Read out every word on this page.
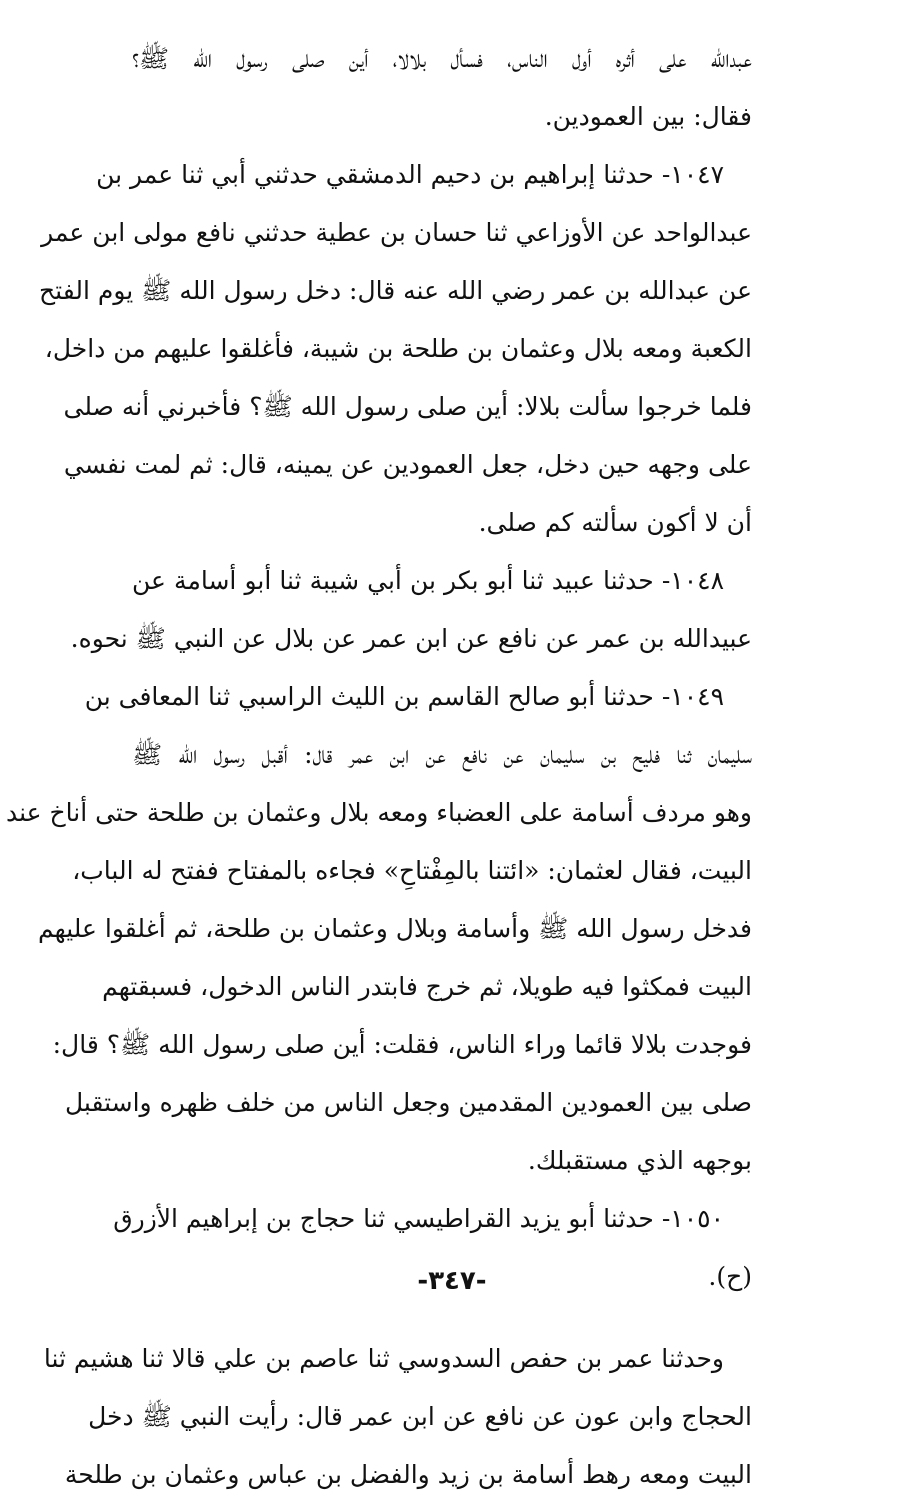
عبدالله على أثره أول الناس، فسأل بلالا، أين صلى رسول الله ﷺ؟
فقال: بين العمودين.
١٠٤٧- حدثنا إبراهيم بن دحيم الدمشقي حدثني أبي ثنا عمر بن
عبدالواحد عن الأوزاعي ثنا حسان بن عطية حدثني نافع مولى ابن عمر
عن عبدالله بن عمر رضي الله عنه قال: دخل رسول الله ﷺ يوم الفتح
الكعبة ومعه بلال وعثمان بن طلحة بن شيبة، فأغلقوا عليهم من داخل،
فلما خرجوا سألت بلالا: أين صلى رسول الله ﷺ؟ فأخبرني أنه صلى
على وجهه حين دخل، جعل العمودين عن يمينه، قال: ثم لمت نفسي
أن لا أكون سألته كم صلى.
١٠٤٨- حدثنا عبيد ثنا أبو بكر بن أبي شيبة ثنا أبو أسامة عن
عبيدالله بن عمر عن نافع عن ابن عمر عن بلال عن النبي ﷺ نحوه.
١٠٤٩- حدثنا أبو صالح القاسم بن الليث الراسبي ثنا المعافى بن
سليمان ثنا فليح بن سليمان عن نافع عن ابن عمر قال: أقبل رسول الله ﷺ
وهو مردف أسامة على العضباء ومعه بلال وعثمان بن طلحة حتى أناخ عند
البيت، فقال لعثمان: «ائتنا بالمِفْتاحِ» فجاءه بالمفتاح ففتح له الباب،
فدخل رسول الله ﷺ وأسامة وبلال وعثمان بن طلحة، ثم أغلقوا عليهم
البيت فمكثوا فيه طويلا، ثم خرج فابتدر الناس الدخول، فسبقتهم
فوجدت بلالا قائما وراء الناس، فقلت: أين صلى رسول الله ﷺ؟ قال:
صلى بين العمودين المقدمين وجعل الناس من خلف ظهره واستقبل
بوجهه الذي مستقبلك.
١٠٥٠- حدثنا أبو يزيد القراطيسي ثنا حجاج بن إبراهيم الأزرق
(ح).
وحدثنا عمر بن حفص السدوسي ثنا عاصم بن علي قالا ثنا هشيم ثنا
الحجاج وابن عون عن نافع عن ابن عمر قال: رأيت النبي ﷺ دخل
البيت ومعه رهط أسامة بن زيد والفضل بن عباس وعثمان بن طلحة
-٣٤٧-
